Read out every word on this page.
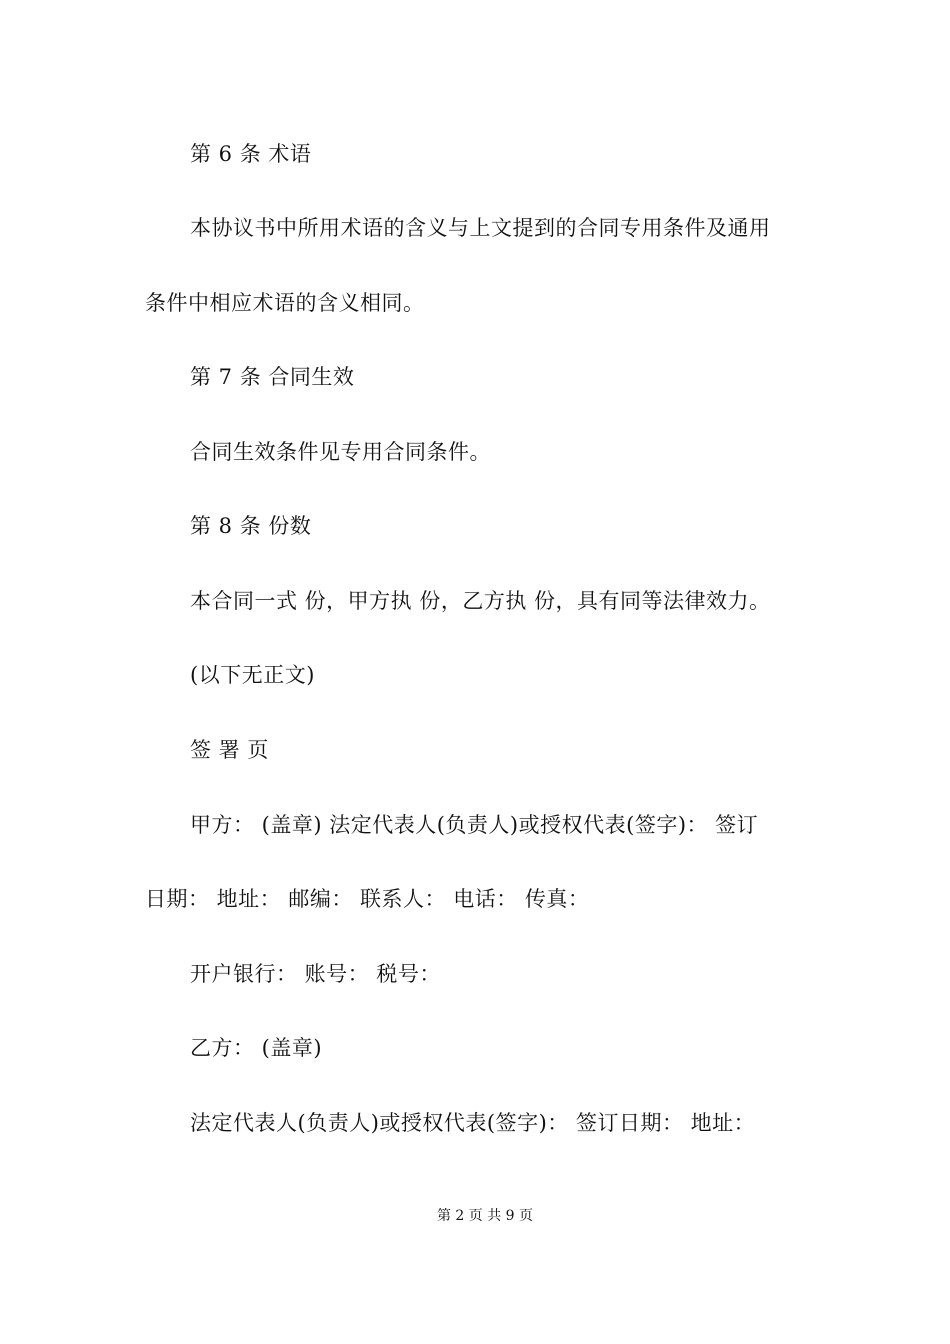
第 6 条 术语
本协议书中所用术语的含义与上文提到的合同专用条件及通用
条件中相应术语的含义相同。
第 7 条 合同生效
合同生效条件见专用合同条件。
第 8 条 份数
本合同一式 份，甲方执 份，乙方执 份，具有同等法律效力。
(以下无正文)
签 署 页
甲方： (盖章) 法定代表人(负责人)或授权代表(签字)： 签订
日期： 地址： 邮编： 联系人： 电话： 传真：
开户银行： 账号： 税号：
乙方： (盖章)
法定代表人(负责人)或授权代表(签字)： 签订日期： 地址：
第 2 页 共 9 页
